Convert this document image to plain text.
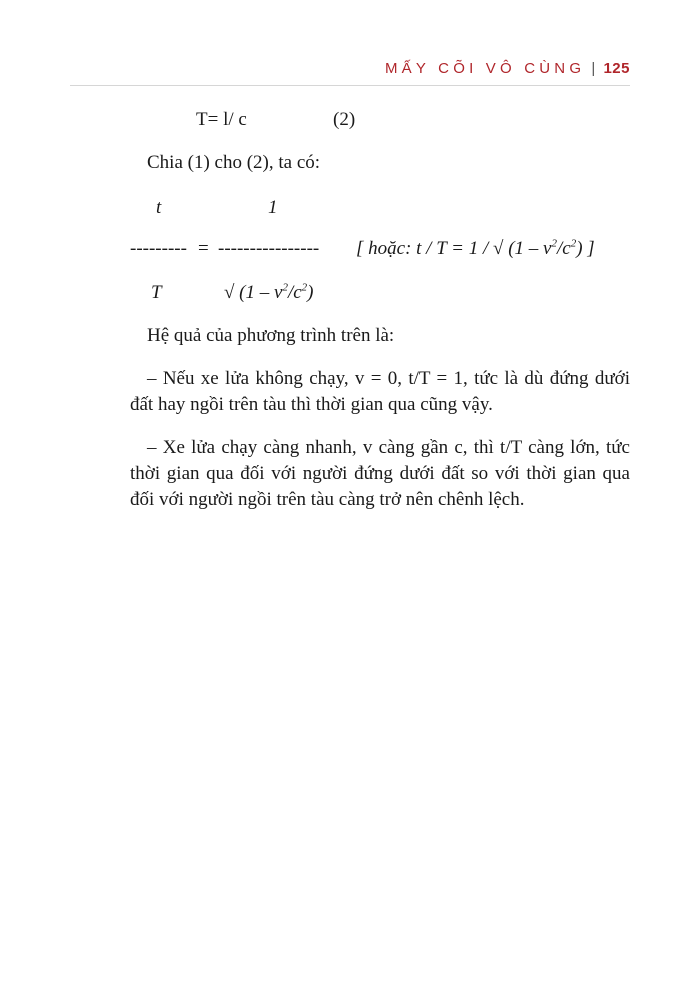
MẤY CÕI VÔ CÙNG | 125
T= l/ c	(2)
Chia (1) cho (2), ta có:
t	1
--------- = ---------------- [ hoặc: t / T = 1 / √ $(1 - v^2/c^2)$ ]
T	√ $(1 - v^2/c^2)$
Hệ quả của phương trình trên là:
– Nếu xe lửa không chạy, v = 0, t/T = 1, tức là dù đứng dưới đất hay ngồi trên tàu thì thời gian qua cũng vậy.
– Xe lửa chạy càng nhanh, v càng gần c, thì t/T càng lớn, tức thời gian qua đối với người đứng dưới đất so với thời gian qua đối với người ngồi trên tàu càng trở nên chênh lệch.
